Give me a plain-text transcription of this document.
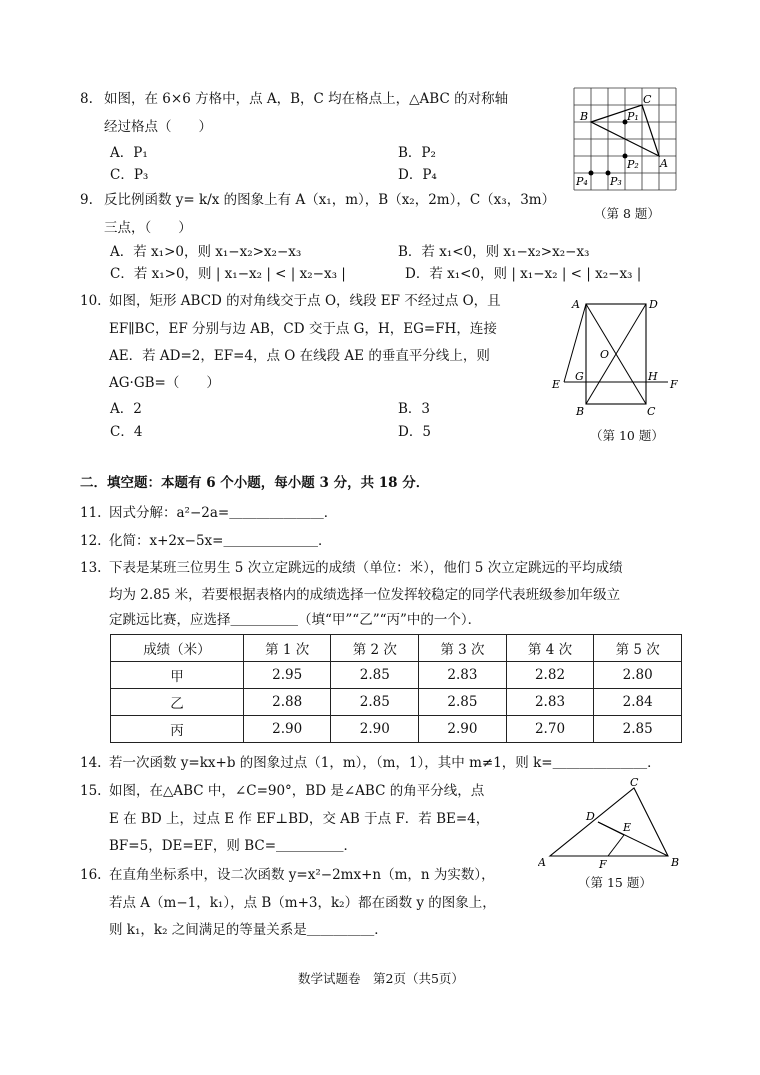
8. 如图，在 6×6 方格中，点 A，B，C 均在格点上，△ABC 的对称轴
经过格点（　　）
A．P₁	B．P₂
C．P₃	D．P₄
B
C
A
P₁
P₂
P₃
P₄
（第 8 题）
9. 反比例函数 y= k/x 的图象上有 A（x₁，m），B（x₂，2m），C（x₃，3m）
三点，（　　）
A．若 x₁>0，则 x₁−x₂>x₂−x₃	B．若 x₁<0，则 x₁−x₂>x₂−x₃
C．若 x₁>0，则 | x₁−x₂ | < | x₂−x₃ |	D．若 x₁<0，则 | x₁−x₂ | < | x₂−x₃ |
10. 如图，矩形 ABCD 的对角线交于点 O，线段 EF 不经过点 O，且
EF∥BC，EF 分别与边 AB，CD 交于点 G，H，EG=FH，连接
AE．若 AD=2，EF=4，点 O 在线段 AE 的垂直平分线上，则
AG·GB=（　　）
A．2	B．3
C．4	D．5
A	D
O
E
G	H
F
B	C
（第 10 题）
二．填空题：本题有 6 个小题，每小题 3 分，共 18 分．
11. 因式分解：a²−2a=＿＿＿＿＿＿＿．
12. 化简：x+2x−5x=＿＿＿＿＿＿＿．
13. 下表是某班三位男生 5 次立定跳远的成绩（单位：米），他们 5 次立定跳远的平均成绩
均为 2.85 米，若要根据表格内的成绩选择一位发挥较稳定的同学代表班级参加年级立
定跳远比赛，应选择＿＿＿＿＿（填“甲”“乙”“丙”中的一个）．
成绩（米）	第 1 次	第 2 次	第 3 次	第 4 次	第 5 次
甲	2.95	2.85	2.83	2.82	2.80
乙	2.88	2.85	2.85	2.83	2.84
丙	2.90	2.90	2.90	2.70	2.85
14. 若一次函数 y=kx+b 的图象过点（1，m），（m，1），其中 m≠1，则 k=＿＿＿＿＿＿＿．
15. 如图，在△ABC 中，∠C=90°，BD 是∠ABC 的角平分线，点
E 在 BD 上，过点 E 作 EF⊥BD，交 AB 于点 F．若 BE=4，
BF=5，DE=EF，则 BC=＿＿＿＿＿．
C
D
E
A	F	B
（第 15 题）
16. 在直角坐标系中，设二次函数 y=x²−2mx+n（m，n 为实数），
若点 A（m−1，k₁），点 B（m+3，k₂）都在函数 y 的图象上，
则 k₁，k₂ 之间满足的等量关系是＿＿＿＿＿．
数学试题卷　第2页（共5页）
